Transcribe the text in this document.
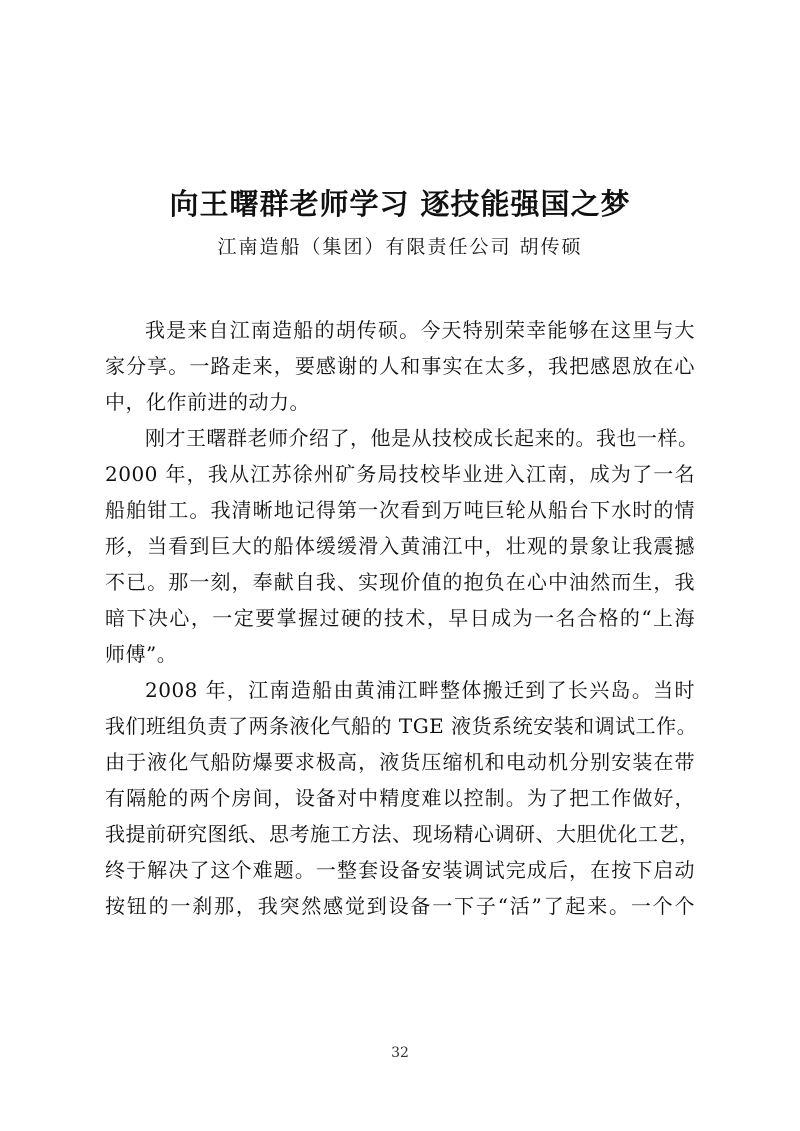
向王曙群老师学习 逐技能强国之梦
江南造船（集团）有限责任公司 胡传硕
我是来自江南造船的胡传硕。今天特别荣幸能够在这里与大
家分享。一路走来，要感谢的人和事实在太多，我把感恩放在心
中，化作前进的动力。
刚才王曙群老师介绍了，他是从技校成长起来的。我也一样。
2000 年，我从江苏徐州矿务局技校毕业进入江南，成为了一名
船舶钳工。我清晰地记得第一次看到万吨巨轮从船台下水时的情
形，当看到巨大的船体缓缓滑入黄浦江中，壮观的景象让我震撼
不已。那一刻，奉献自我、实现价值的抱负在心中油然而生，我
暗下决心，一定要掌握过硬的技术，早日成为一名合格的“上海
师傅”。
2008 年，江南造船由黄浦江畔整体搬迁到了长兴岛。当时
我们班组负责了两条液化气船的 TGE 液货系统安装和调试工作。
由于液化气船防爆要求极高，液货压缩机和电动机分别安装在带
有隔舱的两个房间，设备对中精度难以控制。为了把工作做好，
我提前研究图纸、思考施工方法、现场精心调研、大胆优化工艺，
终于解决了这个难题。一整套设备安装调试完成后，在按下启动
按钮的一刹那，我突然感觉到设备一下子“活”了起来。一个个
32
